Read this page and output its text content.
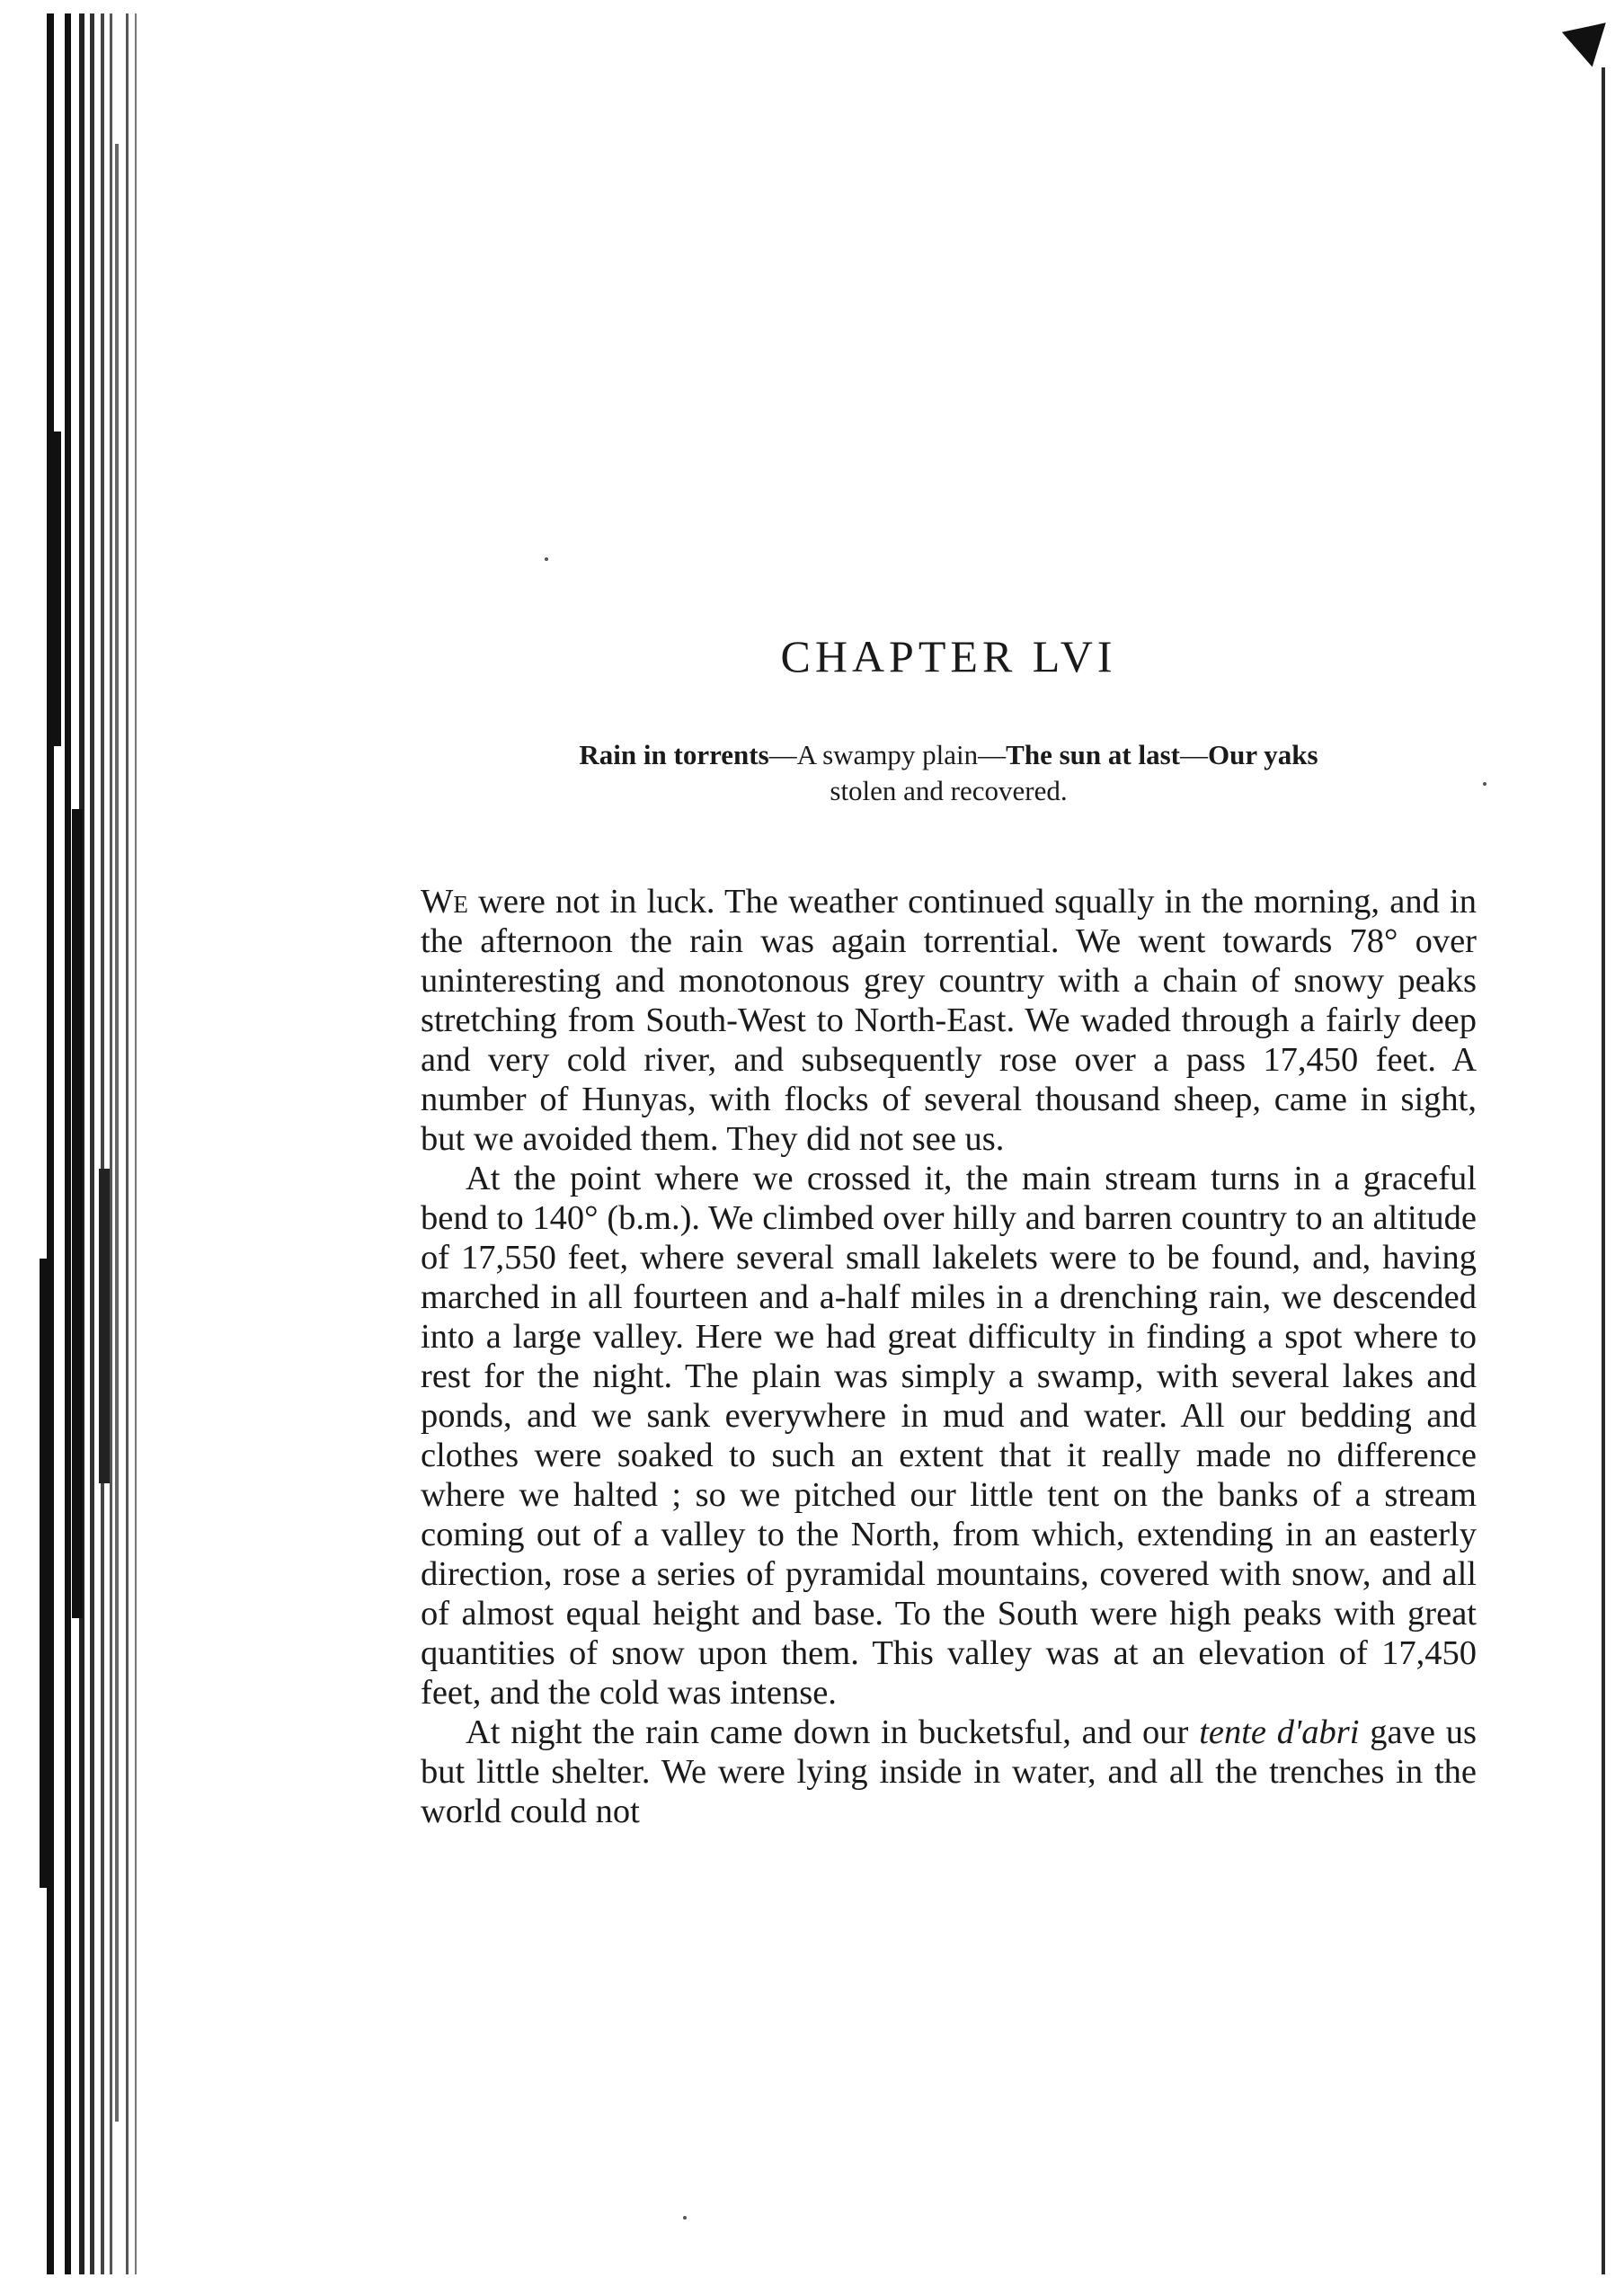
CHAPTER LVI
Rain in torrents—A swampy plain—The sun at last—Our yaks
stolen and recovered.

We were not in luck. The weather continued squally in the morning, and in the afternoon the rain was again torrential. We went towards 78° over uninteresting and monotonous grey country with a chain of snowy peaks stretching from South-West to North-East. We waded through a fairly deep and very cold river, and subsequently rose over a pass 17,450 feet. A number of Hunyas, with flocks of several thousand sheep, came in sight, but we avoided them. They did not see us.

At the point where we crossed it, the main stream turns in a graceful bend to 140° (b.m.). We climbed over hilly and barren country to an altitude of 17,550 feet, where several small lakelets were to be found, and, having marched in all fourteen and a-half miles in a drenching rain, we descended into a large valley. Here we had great difficulty in finding a spot where to rest for the night. The plain was simply a swamp, with several lakes and ponds, and we sank everywhere in mud and water. All our bedding and clothes were soaked to such an extent that it really made no difference where we halted ; so we pitched our little tent on the banks of a stream coming out of a valley to the North, from which, extending in an easterly direction, rose a series of pyramidal mountains, covered with snow, and all of almost equal height and base. To the South were high peaks with great quantities of snow upon them. This valley was at an elevation of 17,450 feet, and the cold was intense.

At night the rain came down in bucketsful, and our tente d'abri gave us but little shelter. We were lying inside in water, and all the trenches in the world could not
